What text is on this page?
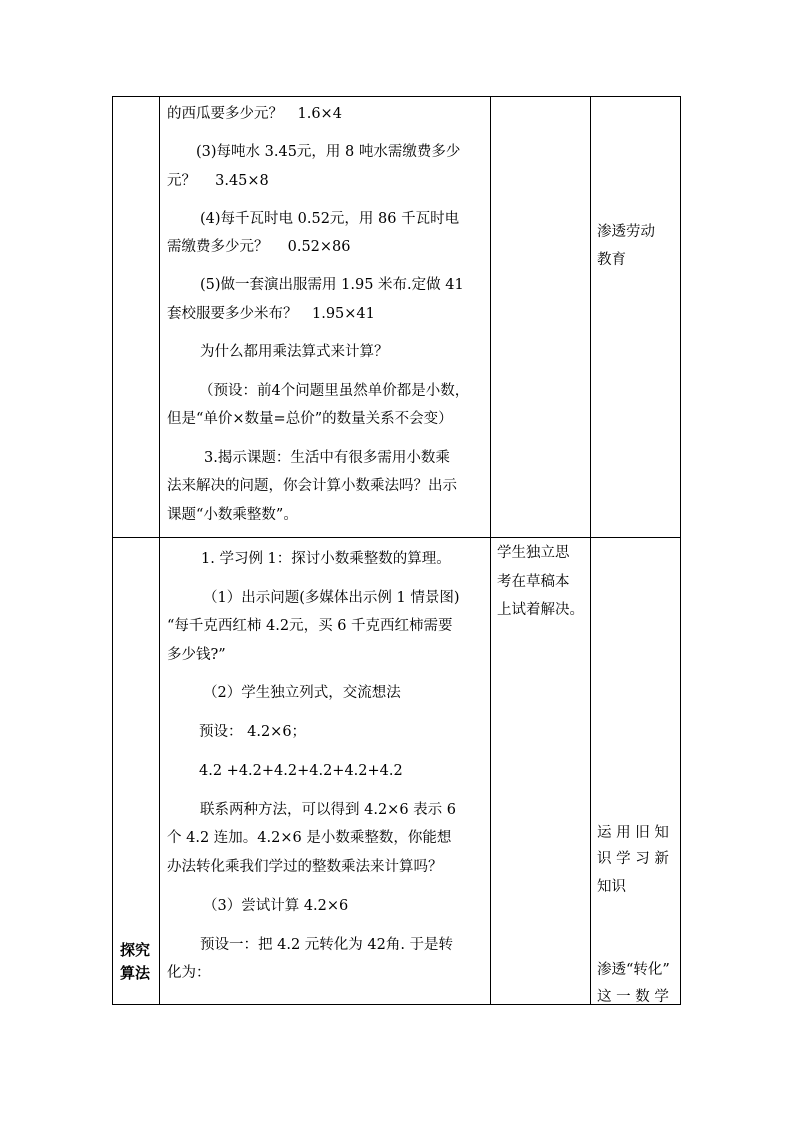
的西瓜要多少元？　1.6×4

(3)每吨水 3.45元，用 8 吨水需缴费多少

元？　 3.45×8

(4)每千瓦时电 0.52元，用 86 千瓦时电

需缴费多少元？　 0.52×86

(5)做一套演出服需用 1.95 米布.定做 41

套校服要多少米布？　1.95×41

为什么都用乘法算式来计算？

（预设：前4个问题里虽然单价都是小数，

但是“单价×数量=总价”的数量关系不会变）

3.揭示课题：生活中有很多需用小数乘

法来解决的问题，你会计算小数乘法吗？出示

课题“小数乘整数”。

渗透劳动

教育

探究

算法

1. 学习例 1：探讨小数乘整数的算理。

（1）出示问题(多媒体出示例 1 情景图)

“每千克西红柿 4.2元，买 6 千克西红柿需要

多少钱?”

（2）学生独立列式，交流想法

预设： 4.2×6；

4.2 +4.2+4.2+4.2+4.2+4.2

联系两种方法，可以得到 4.2×6 表示 6

个 4.2 连加。4.2×6 是小数乘整数，你能想

办法转化乘我们学过的整数乘法来计算吗？

（3）尝试计算 4.2×6

预设一：把 4.2 元转化为 42角. 于是转

化为：

学生独立思

考在草稿本

上试着解决。

运 用 旧 知

识 学 习 新

知识

渗透“转化”

这 一 数 学
